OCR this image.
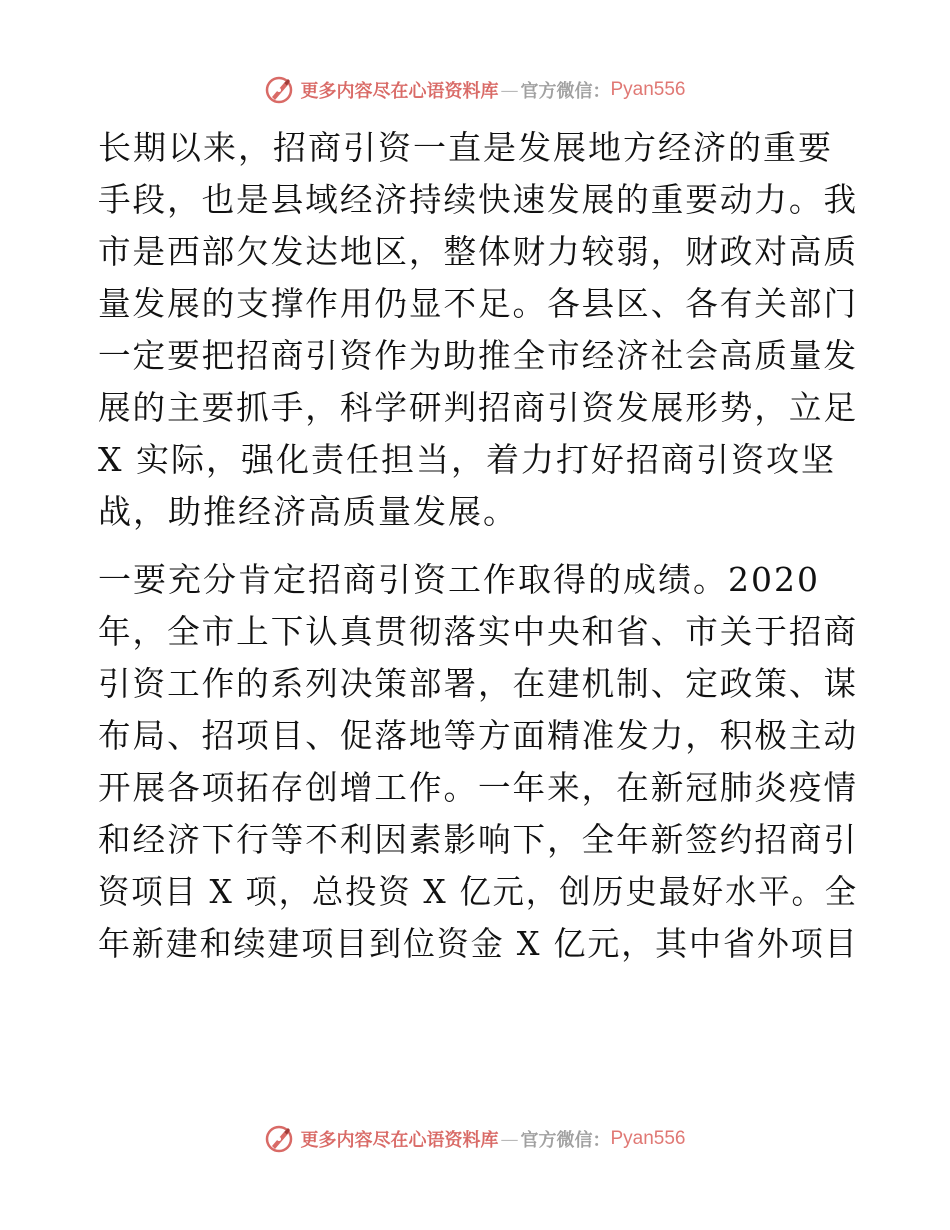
更多内容尽在心语资料库 — 官方微信： Pyan556
长期以来，招商引资一直是发展地方经济的重要
手段，也是县域经济持续快速发展的重要动力。我
市是西部欠发达地区，整体财力较弱，财政对高质
量发展的支撑作用仍显不足。各县区、各有关部门
一定要把招商引资作为助推全市经济社会高质量发
展的主要抓手，科学研判招商引资发展形势，立足
X 实际，强化责任担当，着力打好招商引资攻坚
战，助推经济高质量发展。
一要充分肯定招商引资工作取得的成绩。2020
年，全市上下认真贯彻落实中央和省、市关于招商
引资工作的系列决策部署，在建机制、定政策、谋
布局、招项目、促落地等方面精准发力，积极主动
开展各项拓存创增工作。一年来，在新冠肺炎疫情
和经济下行等不利因素影响下，全年新签约招商引
资项目 X 项，总投资 X 亿元，创历史最好水平。全
年新建和续建项目到位资金 X 亿元，其中省外项目
更多内容尽在心语资料库 — 官方微信： Pyan556
